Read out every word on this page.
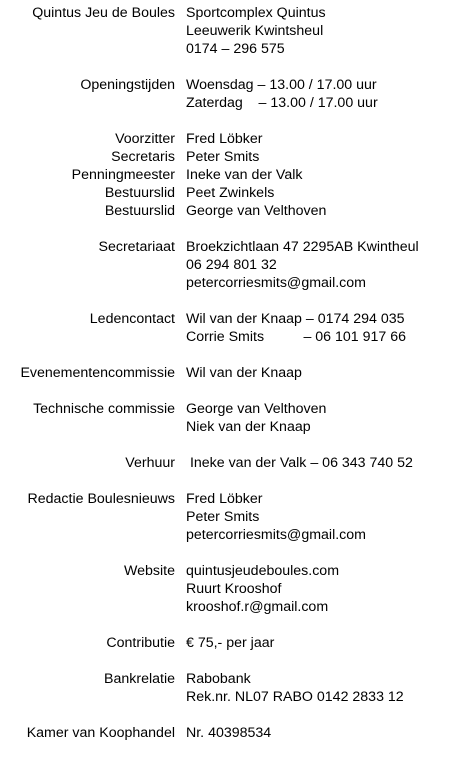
Quintus Jeu de Boules Sportcomplex Quintus
Leeuwerik Kwintsheul
0174 – 296 575
Openingstijden Woensdag – 13.00 / 17.00 uur
Zaterdag    – 13.00 / 17.00 uur
Voorzitter
Secretaris
Penningmeester
Bestuurslid
Bestuurslid
Fred Löbker
Peter Smits
Ineke van der Valk
Peet Zwinkels
George van Velthoven
Secretariaat Broekzichtlaan 47 2295AB Kwintheul
06 294 801 32
petercorriesmits@gmail.com
Ledencontact Wil van der Knaap – 0174 294 035
Corrie Smits          – 06 101 917 66
Evenementencommissie Wil van der Knaap
Technische commissie George van Velthoven
Niek van der Knaap
Verhuur Ineke van der Valk – 06 343 740 52
Redactie Boulesnieuws Fred Löbker
Peter Smits
petercorriesmits@gmail.com
Website quintusjeudeboules.com
Ruurt Krooshof
krooshof.r@gmail.com
Contributie € 75,- per jaar
Bankrelatie Rabobank
Rek.nr. NL07 RABO 0142 2833 12
Kamer van Koophandel Nr. 40398534
